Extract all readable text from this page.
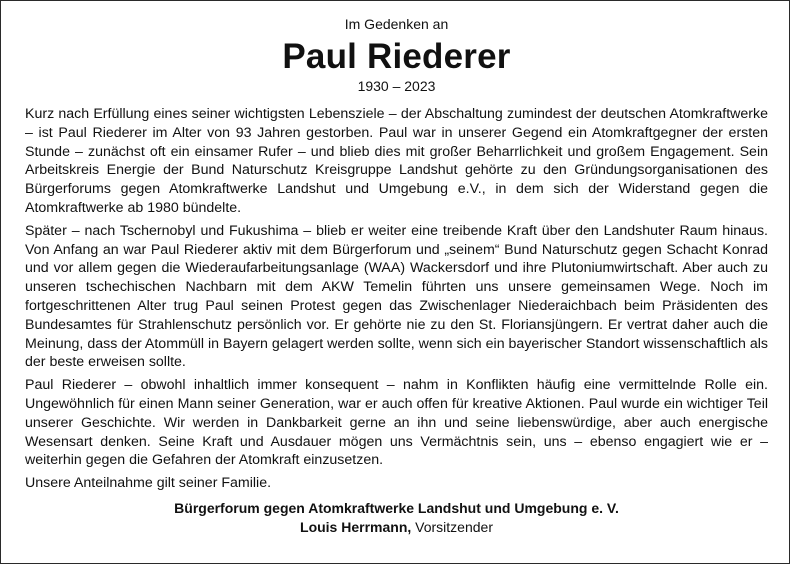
Im Gedenken an
Paul Riederer
1930 – 2023

Kurz nach Erfüllung eines seiner wichtigsten Lebensziele – der Abschaltung zumindest der deutschen Atomkraftwerke – ist Paul Riederer im Alter von 93 Jahren gestorben. Paul war in unserer Gegend ein Atomkraftgegner der ersten Stunde – zunächst oft ein einsamer Rufer – und blieb dies mit großer Beharrlichkeit und großem Engagement. Sein Arbeitskreis Energie der Bund Naturschutz Kreisgruppe Landshut gehörte zu den Gründungsorganisationen des Bürgerforums gegen Atomkraftwerke Landshut und Umgebung e.V., in dem sich der Widerstand gegen die Atomkraftwerke ab 1980 bündelte.

Später – nach Tschernobyl und Fukushima – blieb er weiter eine treibende Kraft über den Landshuter Raum hinaus. Von Anfang an war Paul Riederer aktiv mit dem Bürgerforum und „seinem“ Bund Naturschutz gegen Schacht Konrad und vor allem gegen die Wiederaufarbeitungsanlage (WAA) Wackersdorf und ihre Plutoniumwirtschaft. Aber auch zu unseren tschechischen Nachbarn mit dem AKW Temelin führten uns unsere gemeinsamen Wege. Noch im fortgeschrittenen Alter trug Paul seinen Protest gegen das Zwischenlager Niederaichbach beim Präsidenten des Bundesamtes für Strahlenschutz persönlich vor. Er gehörte nie zu den St. Floriansjüngern. Er vertrat daher auch die Meinung, dass der Atommüll in Bayern gelagert werden sollte, wenn sich ein bayerischer Standort wissenschaftlich als der beste erweisen sollte.

Paul Riederer – obwohl inhaltlich immer konsequent – nahm in Konflikten häufig eine vermittelnde Rolle ein. Ungewöhnlich für einen Mann seiner Generation, war er auch offen für kreative Aktionen. Paul wurde ein wichtiger Teil unserer Geschichte. Wir werden in Dankbarkeit gerne an ihn und seine liebenswürdige, aber auch energische Wesensart denken. Seine Kraft und Ausdauer mögen uns Vermächtnis sein, uns – ebenso engagiert wie er – weiterhin gegen die Gefahren der Atomkraft einzusetzen.

Unsere Anteilnahme gilt seiner Familie.

Bürgerforum gegen Atomkraftwerke Landshut und Umgebung e. V.
Louis Herrmann, Vorsitzender
